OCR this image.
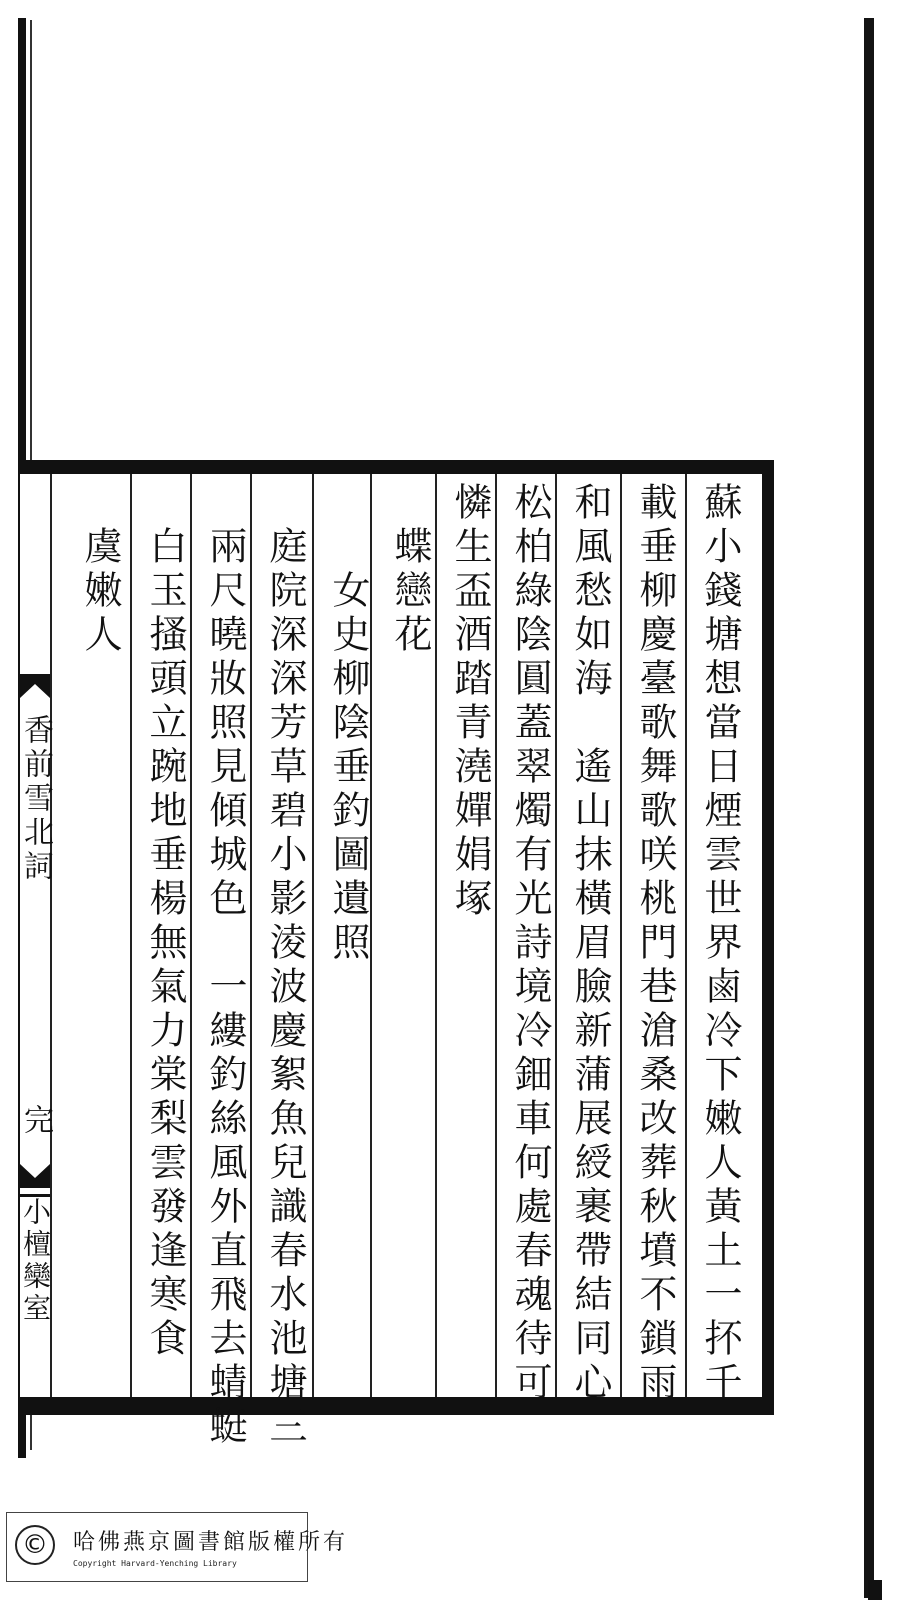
蘇小錢塘想當日煙雲世界鹵冷下嫩人黃土一抔千
載垂柳慶臺歌舞歌咲桃門巷滄桑改葬秋墳不鎖雨
和風愁如海　遙山抹橫眉臉新蒲展綬裹帶結同心
松柏綠陰圓蓋翠燭有光詩境冷鈿車何處春魂待可
憐生盃酒踏青澆嬋娟塚
　蝶戀花
　　女史柳陰垂釣圖遺照
　庭院深深芳草碧小影淩波慶絮魚兒識春水池塘三
　兩尺曉妝照見傾城色　一縷釣絲風外直飛去蜻蜓
　白玉搔頭立踠地垂楊無氣力棠梨雲發逢寒食
　虞嫩人
香前雪北詞
完
小檀欒室
©	哈佛燕京圖書館版權所有
Copyright Harvard-Yenching Library
